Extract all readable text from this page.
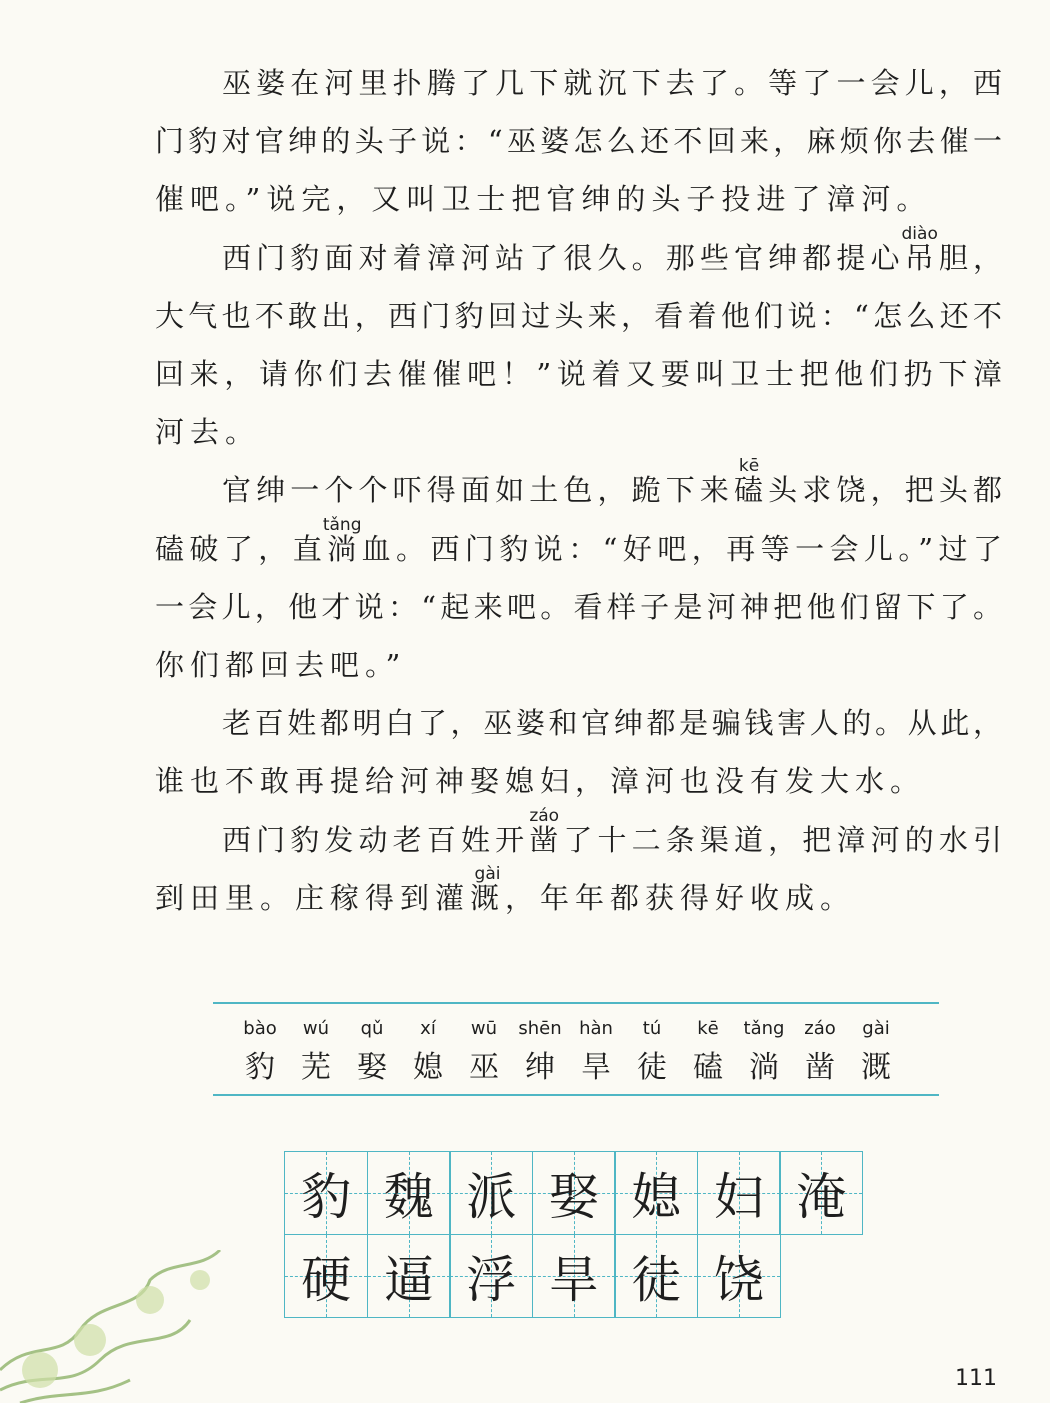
巫婆在河里扑腾了几下就沉下去了。等了一会儿，西
门豹对官绅的头子说：“巫婆怎么还不回来，麻烦你去催一
催吧。”说完，又叫卫士把官绅的头子投进了漳河。
西门豹面对着漳河站了很久。那些官绅都提心吊
diào
胆，
大气也不敢出，西门豹回过头来，看着他们说：“怎么还不
回来，请你们去催催吧！”说着又要叫卫士把他们扔下漳
河去。
官绅一个个吓得面如土色，跪下来磕
kē
头求饶，把头都
磕破了，直淌
tǎng
血。西门豹说：“好吧，再等一会儿。”过了
一会儿，他才说：“起来吧。看样子是河神把他们留下了。
你们都回去吧。”
老百姓都明白了，巫婆和官绅都是骗钱害人的。从此，
谁也不敢再提给河神娶媳妇，漳河也没有发大水。
西门豹发动老百姓开凿
záo
了十二条渠道，把漳河的水引
到田里。庄稼得到灌溉
gài
，年年都获得好收成。
bào
豹
wú
芜
qǔ
娶
xí
媳
wū
巫
shēn
绅
hàn
旱
tú
徒
kē
磕
tǎng
淌
záo
凿
gài
溉
豹 魏 派 娶 媳 妇 淹
硬 逼 浮 旱 徒 饶
111
